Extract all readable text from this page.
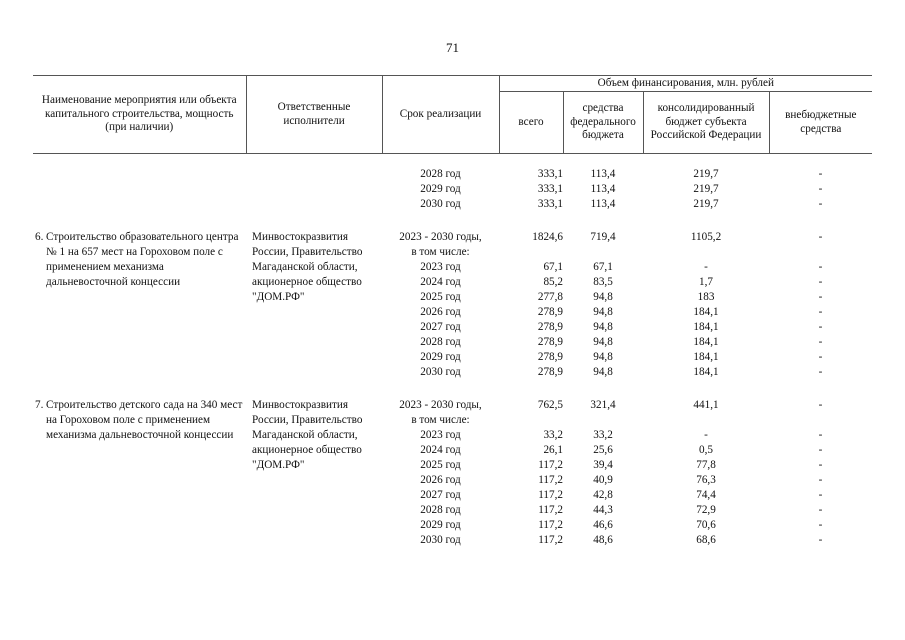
71
Наименование мероприятия или объекта капитального строительства, мощность (при наличии)		Ответственные исполнители	Срок реализации	Объем финансирования, млн. рублей			
				всего	средства федерального бюджета	консолидированный бюджет субъекта Российской Федерации	внебюджетные средства

			2028 год	333,1	113,4	219,7	-
			2029 год	333,1	113,4	219,7	-
			2030 год	333,1	113,4	219,7	-

6.	Строительство образовательного центра № 1 на 657 мест на Гороховом поле с применением механизма дальневосточной концессии	Минвостокразвития России, Правительство Магаданской области, акционерное общество "ДОМ.РФ"	2023 - 2030 годы,	1824,6	719,4	1105,2	-
			в том числе:				
			2023 год	67,1	67,1	-	-
			2024 год	85,2	83,5	1,7	-
			2025 год	277,8	94,8	183	-
			2026 год	278,9	94,8	184,1	-
			2027 год	278,9	94,8	184,1	-
			2028 год	278,9	94,8	184,1	-
			2029 год	278,9	94,8	184,1	-
			2030 год	278,9	94,8	184,1	-

7.	Строительство детского сада на 340 мест на Гороховом поле с применением механизма дальневосточной концессии	Минвостокразвития России, Правительство Магаданской области, акционерное общество "ДОМ.РФ"	2023 - 2030 годы,	762,5	321,4	441,1	-
			в том числе:				
			2023 год	33,2	33,2	-	-
			2024 год	26,1	25,6	0,5	-
			2025 год	117,2	39,4	77,8	-
			2026 год	117,2	40,9	76,3	-
			2027 год	117,2	42,8	74,4	-
			2028 год	117,2	44,3	72,9	-
			2029 год	117,2	46,6	70,6	-
			2030 год	117,2	48,6	68,6	-
